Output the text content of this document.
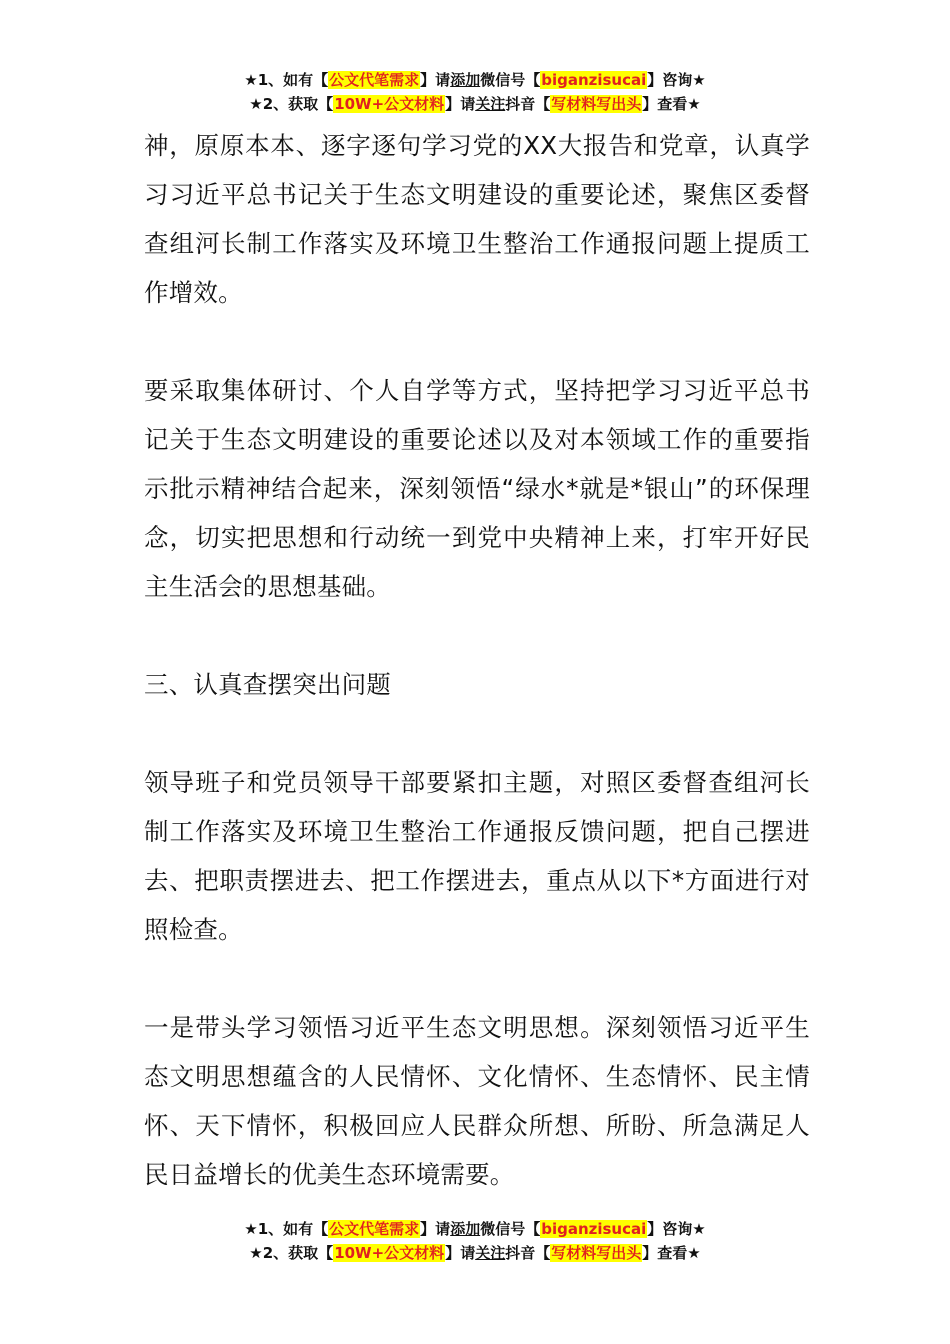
★1、如有【公文代笔需求】请添加微信号【biganzisucai】咨询★
★2、获取【10W+公文材料】请关注抖音【写材料写出头】查看★

神，原原本本、逐字逐句学习党的XX大报告和党章，认真学习习近平总书记关于生态文明建设的重要论述，聚焦区委督查组河长制工作落实及环境卫生整治工作通报问题上提质工作增效。

要采取集体研讨、个人自学等方式，坚持把学习习近平总书记关于生态文明建设的重要论述以及对本领域工作的重要指示批示精神结合起来，深刻领悟“绿水*就是*银山”的环保理念，切实把思想和行动统一到党中央精神上来，打牢开好民主生活会的思想基础。

三、认真查摆突出问题

领导班子和党员领导干部要紧扣主题，对照区委督查组河长制工作落实及环境卫生整治工作通报反馈问题，把自己摆进去、把职责摆进去、把工作摆进去，重点从以下*方面进行对照检查。

一是带头学习领悟习近平生态文明思想。深刻领悟习近平生态文明思想蕴含的人民情怀、文化情怀、生态情怀、民主情怀、天下情怀，积极回应人民群众所想、所盼、所急满足人民日益增长的优美生态环境需要。

★1、如有【公文代笔需求】请添加微信号【biganzisucai】咨询★
★2、获取【10W+公文材料】请关注抖音【写材料写出头】查看★
